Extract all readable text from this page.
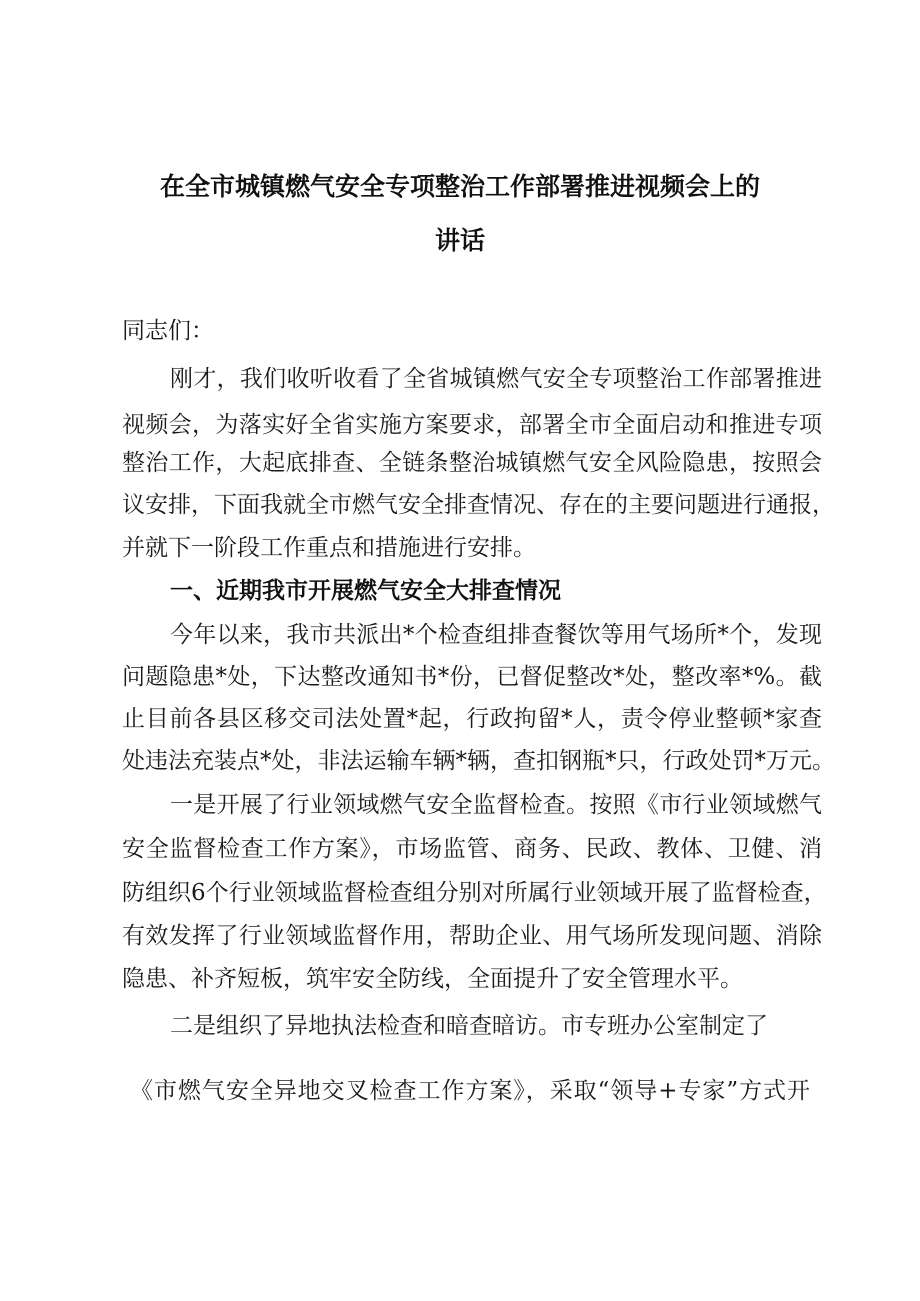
在全市城镇燃气安全专项整治工作部署推进视频会上的
讲话
同志们：
刚才，我们收听收看了全省城镇燃气安全专项整治工作部署推进
视频会，为落实好全省实施方案要求，部署全市全面启动和推进专项
整治工作，大起底排查、全链条整治城镇燃气安全风险隐患，按照会
议安排，下面我就全市燃气安全排查情况、存在的主要问题进行通报，
并就下一阶段工作重点和措施进行安排。
一、近期我市开展燃气安全大排查情况
今年以来，我市共派出*个检查组排查餐饮等用气场所*个，发现
问题隐患*处，下达整改通知书*份，已督促整改*处，整改率*%。截
止目前各县区移交司法处置*起，行政拘留*人，责令停业整顿*家查
处违法充装点*处，非法运输车辆*辆，查扣钢瓶*只，行政处罚*万元。
一是开展了行业领域燃气安全监督检查。按照《市行业领域燃气
安全监督检查工作方案》，市场监管、商务、民政、教体、卫健、消
防组织6个行业领域监督检查组分别对所属行业领域开展了监督检查，
有效发挥了行业领域监督作用，帮助企业、用气场所发现问题、消除
隐患、补齐短板，筑牢安全防线，全面提升了安全管理水平。
二是组织了异地执法检查和暗查暗访。市专班办公室制定了
《市燃气安全异地交叉检查工作方案》，采取“领导+专家”方式开
